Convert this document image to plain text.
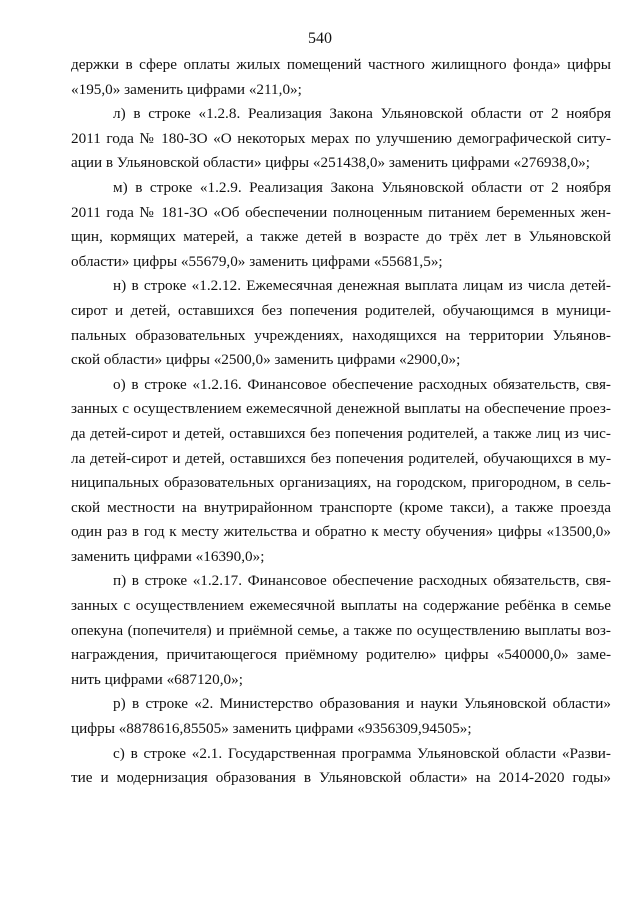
540
держки в сфере оплаты жилых помещений частного жилищного фонда» цифры
«195,0» заменить цифрами «211,0»;
л) в строке «1.2.8. Реализация Закона Ульяновской области от 2 ноября
2011 года № 180-ЗО «О некоторых мерах по улучшению демографической ситу-
ации в Ульяновской области» цифры «251438,0» заменить цифрами «276938,0»;
м) в строке «1.2.9. Реализация Закона Ульяновской области от 2 ноября
2011 года № 181-ЗО «Об обеспечении полноценным питанием беременных жен-
щин, кормящих матерей, а также детей в возрасте до трёх лет в Ульяновской
области» цифры «55679,0» заменить цифрами «55681,5»;
н) в строке «1.2.12. Ежемесячная денежная выплата лицам из числа детей-
сирот и детей, оставшихся без попечения родителей, обучающимся в муници-
пальных образовательных учреждениях, находящихся на территории Ульянов-
ской области» цифры «2500,0» заменить цифрами «2900,0»;
о) в строке «1.2.16. Финансовое обеспечение расходных обязательств, свя-
занных с осуществлением ежемесячной денежной выплаты на обеспечение проез-
да детей-сирот и детей, оставшихся без попечения родителей, а также лиц из чис-
ла детей-сирот и детей, оставшихся без попечения родителей, обучающихся в му-
ниципальных образовательных организациях, на городском, пригородном, в сель-
ской местности на внутрирайонном транспорте (кроме такси), а также проезда
один раз в год к месту жительства и обратно к месту обучения» цифры «13500,0»
заменить цифрами «16390,0»;
п) в строке «1.2.17. Финансовое обеспечение расходных обязательств, свя-
занных с осуществлением ежемесячной выплаты на содержание ребёнка в семье
опекуна (попечителя) и приёмной семье, а также по осуществлению выплаты воз-
награждения, причитающегося приёмному родителю» цифры «540000,0» заме-
нить цифрами «687120,0»;
р) в строке «2. Министерство образования и науки Ульяновской области»
цифры «8878616,85505» заменить цифрами «9356309,94505»;
с) в строке «2.1. Государственная программа Ульяновской области «Разви-
тие и модернизация образования в Ульяновской области» на 2014-2020 годы»
